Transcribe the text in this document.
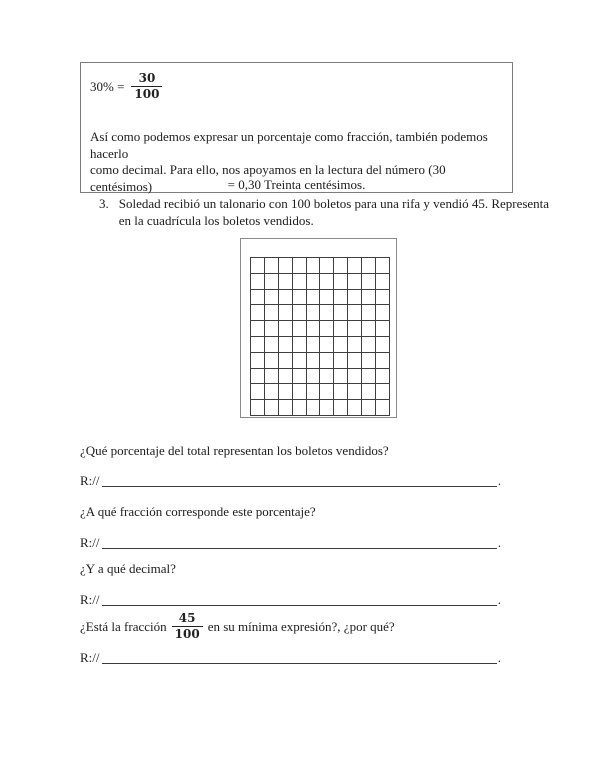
$30\% = \frac{30}{100}$
Así como podemos expresar un porcentaje como fracción, también podemos hacerlo
como decimal. Para ello, nos apoyamos en la lectura del número (30 centésimos)	= 0,30 Treinta centésimos.
3. Soledad recibió un talonario con 100 boletos para una rifa y vendió 45. Representa
en la cuadrícula los boletos vendidos.
¿Qué porcentaje del total representan los boletos vendidos?
R://	.
¿A qué fracción corresponde este porcentaje?
R://	.
¿Y a qué decimal?
R://	.
¿Está la fracción $\frac{45}{100}$ en su mínima expresión?, ¿por qué?
R://	.
